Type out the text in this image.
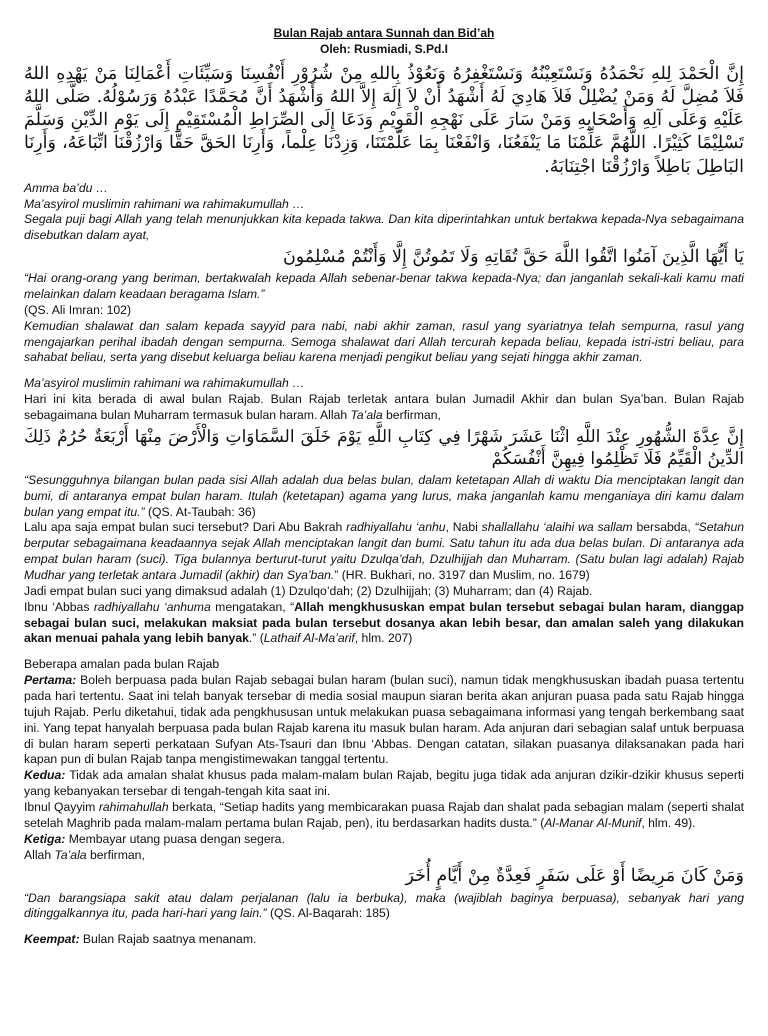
Bulan Rajab antara Sunnah dan Bid’ah
Oleh: Rusmiadi, S.Pd.I
إِنَّ الْحَمْدَ لِلهِ نَحْمَدُهُ وَنَسْتَعِيْنُهُ وَنَسْتَغْفِرُهُ وَنَعُوْذُ بِاللهِ مِنْ شُرُوْرِ أَنْفُسِنَا وَسَيِّئَاتِ أَعْمَالِنَا مَنْ يَهْدِهِ اللهُ فَلاَ مُضِلَّ لَهُ وَمَنْ يُضْلِلْ فَلاَ هَادِيَ لَهُ أَشْهَدُ أَنْ لاَ إِلَهَ إِلاَّ اللهُ وَأَشْهَدُ أَنَّ مُحَمَّدًا عَبْدُهُ وَرَسُوْلُهُ. صَلَّى اللهُ عَلَيْهِ وَعَلَى آلِهِ وَأَصْحَابِهِ وَمَنْ سَارَ عَلَى نَهْجِهِ الْقَوِيْمِ وَدَعَا إِلَى الصِّرَاطِ الْمُسْتَقِيْمِ إِلَى يَوْمِ الدِّيْنِ وَسَلَّمَ تَسْلِيْمًا كَثِيْرًا. اللَّهُمَّ عَلِّمْنَا مَا يَنْفَعُنَا، وَانْفَعْنَا بِمَا عَلَّمْتَنَا، وَزِدْنَا عِلْماً، وَأَرِنَا الحَقَّ حَقًّا وَارْزُقْنَا اتِّبَاعَهُ، وَأَرِنَا البَاطِلَ بَاطِلاً وَارْزُقْنَا اجْتِنَابَهُ.

Amma ba’du …

Ma’asyirol muslimin rahimani wa rahimakumullah …

Segala puji bagi Allah yang telah menunjukkan kita kepada takwa. Dan kita diperintahkan untuk bertakwa kepada-Nya sebagaimana disebutkan dalam ayat,

يَا أَيُّهَا الَّذِينَ آمَنُوا اتَّقُوا اللَّهَ حَقَّ تُقَاتِهِ وَلَا تَمُوتُنَّ إِلَّا وَأَنْتُمْ مُسْلِمُونَ

“Hai orang-orang yang beriman, bertakwalah kepada Allah sebenar-benar takwa kepada-Nya; dan janganlah sekali-kali kamu mati melainkan dalam keadaan beragama Islam.”

(QS. Ali Imran: 102)

Kemudian shalawat dan salam kepada sayyid para nabi, nabi akhir zaman, rasul yang syariatnya telah sempurna, rasul yang mengajarkan perihal ibadah dengan sempurna. Semoga shalawat dari Allah tercurah kepada beliau, kepada istri-istri beliau, para sahabat beliau, serta yang disebut keluarga beliau karena menjadi pengikut beliau yang sejati hingga akhir zaman.

Ma’asyirol muslimin rahimani wa rahimakumullah …

Hari ini kita berada di awal bulan Rajab. Bulan Rajab terletak antara bulan Jumadil Akhir dan bulan Sya’ban. Bulan Rajab sebagaimana bulan Muharram termasuk bulan haram. Allah Ta’ala berfirman,

إِنَّ عِدَّةَ الشُّهُورِ عِنْدَ اللَّهِ اثْنَا عَشَرَ شَهْرًا فِي كِتَابِ اللَّهِ يَوْمَ خَلَقَ السَّمَاوَاتِ وَالْأَرْضَ مِنْهَا أَرْبَعَةٌ حُرُمٌ ذَلِكَ الدِّينُ الْقَيِّمُ فَلَا تَظْلِمُوا فِيهِنَّ أَنْفُسَكُمْ

“Sesungguhnya bilangan bulan pada sisi Allah adalah dua belas bulan, dalam ketetapan Allah di waktu Dia menciptakan langit dan bumi, di antaranya empat bulan haram. Itulah (ketetapan) agama yang lurus, maka janganlah kamu menganiaya diri kamu dalam bulan yang empat itu.” (QS. At-Taubah: 36)

Lalu apa saja empat bulan suci tersebut? Dari Abu Bakrah radhiyallahu ‘anhu, Nabi shallallahu ‘alaihi wa sallam bersabda, “Setahun berputar sebagaimana keadaannya sejak Allah menciptakan langit dan bumi. Satu tahun itu ada dua belas bulan. Di antaranya ada empat bulan haram (suci). Tiga bulannya berturut-turut yaitu Dzulqa’dah, Dzulhijjah dan Muharram. (Satu bulan lagi adalah) Rajab Mudhar yang terletak antara Jumadil (akhir) dan Sya’ban.” (HR. Bukhari, no. 3197 dan Muslim, no. 1679)

Jadi empat bulan suci yang dimaksud adalah (1) Dzulqo’dah; (2) Dzulhijjah; (3) Muharram; dan (4) Rajab.

Ibnu ‘Abbas radhiyallahu ‘anhuma mengatakan, “Allah mengkhususkan empat bulan tersebut sebagai bulan haram, dianggap sebagai bulan suci, melakukan maksiat pada bulan tersebut dosanya akan lebih besar, dan amalan saleh yang dilakukan akan menuai pahala yang lebih banyak.” (Lathaif Al-Ma’arif, hlm. 207)

Beberapa amalan pada bulan Rajab

Pertama: Boleh berpuasa pada bulan Rajab sebagai bulan haram (bulan suci), namun tidak mengkhususkan ibadah puasa tertentu pada hari tertentu. Saat ini telah banyak tersebar di media sosial maupun siaran berita akan anjuran puasa pada satu Rajab hingga tujuh Rajab. Perlu diketahui, tidak ada pengkhususan untuk melakukan puasa sebagaimana informasi yang tengah berkembang saat ini. Yang tepat hanyalah berpuasa pada bulan Rajab karena itu masuk bulan haram. Ada anjuran dari sebagian salaf untuk berpuasa di bulan haram seperti perkataan Sufyan Ats-Tsauri dan Ibnu ‘Abbas. Dengan catatan, silakan puasanya dilaksanakan pada hari kapan pun di bulan Rajab tanpa mengistimewakan tanggal tertentu.

Kedua: Tidak ada amalan shalat khusus pada malam-malam bulan Rajab, begitu juga tidak ada anjuran dzikir-dzikir khusus seperti yang kebanyakan tersebar di tengah-tengah kita saat ini.

Ibnul Qayyim rahimahullah berkata, “Setiap hadits yang membicarakan puasa Rajab dan shalat pada sebagian malam (seperti shalat setelah Maghrib pada malam-malam pertama bulan Rajab, pen), itu berdasarkan hadits dusta.” (Al-Manar Al-Munif, hlm. 49).

Ketiga: Membayar utang puasa dengan segera.

Allah Ta’ala berfirman,

وَمَنْ كَانَ مَرِيضًا أَوْ عَلَى سَفَرٍ فَعِدَّةٌ مِنْ أَيَّامٍ أُخَرَ

“Dan barangsiapa sakit atau dalam perjalanan (lalu ia berbuka), maka (wajiblah baginya berpuasa), sebanyak hari yang ditinggalkannya itu, pada hari-hari yang lain.” (QS. Al-Baqarah: 185)

Keempat: Bulan Rajab saatnya menanam.
